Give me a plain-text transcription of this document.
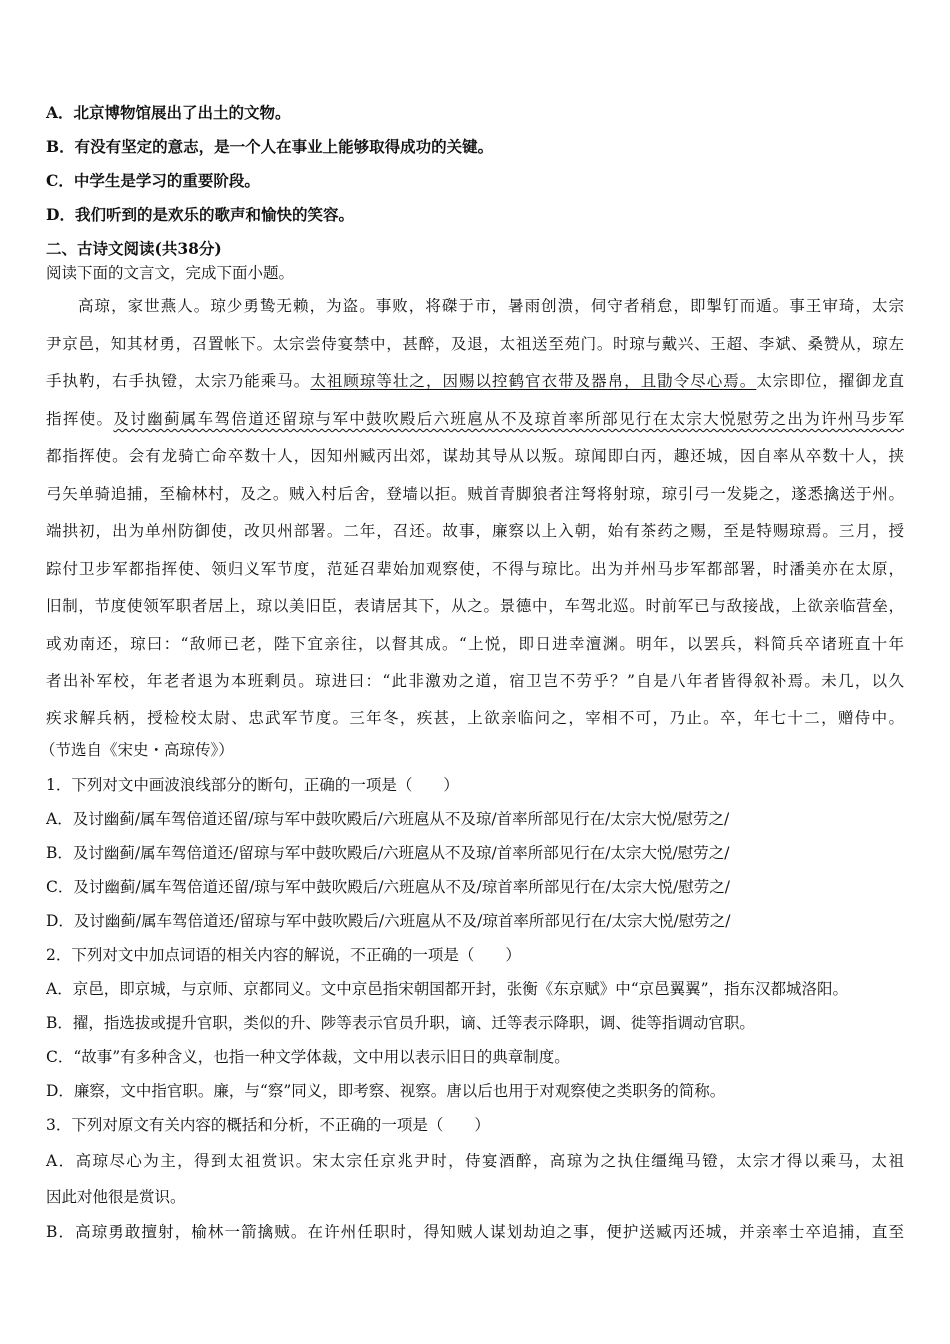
A．北京博物馆展出了出土的文物。
B．有没有坚定的意志，是一个人在事业上能够取得成功的关键。
C．中学生是学习的重要阶段。
D．我们听到的是欢乐的歌声和愉快的笑容。
二、古诗文阅读(共38分)
阅读下面的文言文，完成下面小题。
高琼，家世燕人。琼少勇鸷无赖，为盗。事败，将磔于市，暑雨创溃，伺守者稍怠，即掣钉而遁。事王审琦，太宗
尹京邑，知其材勇，召置帐下。太宗尝侍宴禁中，甚醉，及退，太祖送至苑门。时琼与戴兴、王超、李斌、桑赞从，琼左
手执靮，右手执镫，太宗乃能乘马。太祖顾琼等壮之，因赐以控鹤官衣带及器帛，且勖令尽心焉。太宗即位，擢御龙直
指挥使。及讨幽蓟属车驾倍道还留琼与军中鼓吹殿后六班扈从不及琼首率所部见行在太宗大悦慰劳之出为许州马步军
都指挥使。会有龙骑亡命卒数十人，因知州臧丙出郊，谋劫其导从以叛。琼闻即白丙，趣还城，因自率从卒数十人，挟
弓矢单骑追捕，至榆林村，及之。贼入村后舍，登墙以拒。贼首青脚狼者注弩将射琼，琼引弓一发毙之，遂悉擒送于州。
端拱初，出为单州防御使，改贝州部署。二年，召还。故事，廉察以上入朝，始有茶药之赐，至是特赐琼焉。三月，授
踪付卫步军都指挥使、领归义军节度，范延召辈始加观察使，不得与琼比。出为并州马步军都部署，时潘美亦在太原，
旧制，节度使领军职者居上，琼以美旧臣，表请居其下，从之。景德中，车驾北巡。时前军已与敌接战，上欲亲临营垒，
或劝南还，琼曰：“敌师已老，陛下宜亲往，以督其成。“上悦，即日进幸澶渊。明年，以罢兵，料简兵卒诸班直十年
者出补军校，年老者退为本班剩员。琼进曰：“此非激劝之道，宿卫岂不劳乎？”自是八年者皆得叙补焉。未几，以久
疾求解兵柄，授检校太尉、忠武军节度。三年冬，疾甚，上欲亲临问之，宰相不可，乃止。卒，年七十二，赠侍中。
（节选自《宋史・高琼传》）
1．下列对文中画波浪线部分的断句，正确的一项是（　　）
A．及讨幽蓟/属车驾倍道还留/琼与军中鼓吹殿后/六班扈从不及琼/首率所部见行在/太宗大悦/慰劳之/
B．及讨幽蓟/属车驾倍道还/留琼与军中鼓吹殿后/六班扈从不及琼/首率所部见行在/太宗大悦/慰劳之/
C．及讨幽蓟/属车驾倍道还留/琼与军中鼓吹殿后/六班扈从不及/琼首率所部见行在/太宗大悦/慰劳之/
D．及讨幽蓟/属车驾倍道还/留琼与军中鼓吹殿后/六班扈从不及/琼首率所部见行在/太宗大悦/慰劳之/
2．下列对文中加点词语的相关内容的解说，不正确的一项是（　　）
A．京邑，即京城，与京师、京都同义。文中京邑指宋朝国都开封，张衡《东京赋》中“京邑翼翼”，指东汉都城洛阳。
B．擢，指选拔或提升官职，类似的升、陟等表示官员升职，谪、迁等表示降职，调、徙等指调动官职。
C．“故事”有多种含义，也指一种文学体裁，文中用以表示旧日的典章制度。
D．廉察，文中指官职。廉，与“察”同义，即考察、视察。唐以后也用于对观察使之类职务的简称。
3．下列对原文有关内容的概括和分析，不正确的一项是（　　）
A．高琼尽心为主，得到太祖赏识。宋太宗任京兆尹时，侍宴酒醉，高琼为之执住缰绳马镫，太宗才得以乘马，太祖
因此对他很是赏识。
B．高琼勇敢擅射，榆林一箭擒贼。在许州任职时，得知贼人谋划劫迫之事，便护送臧丙还城，并亲率士卒追捕，直至
